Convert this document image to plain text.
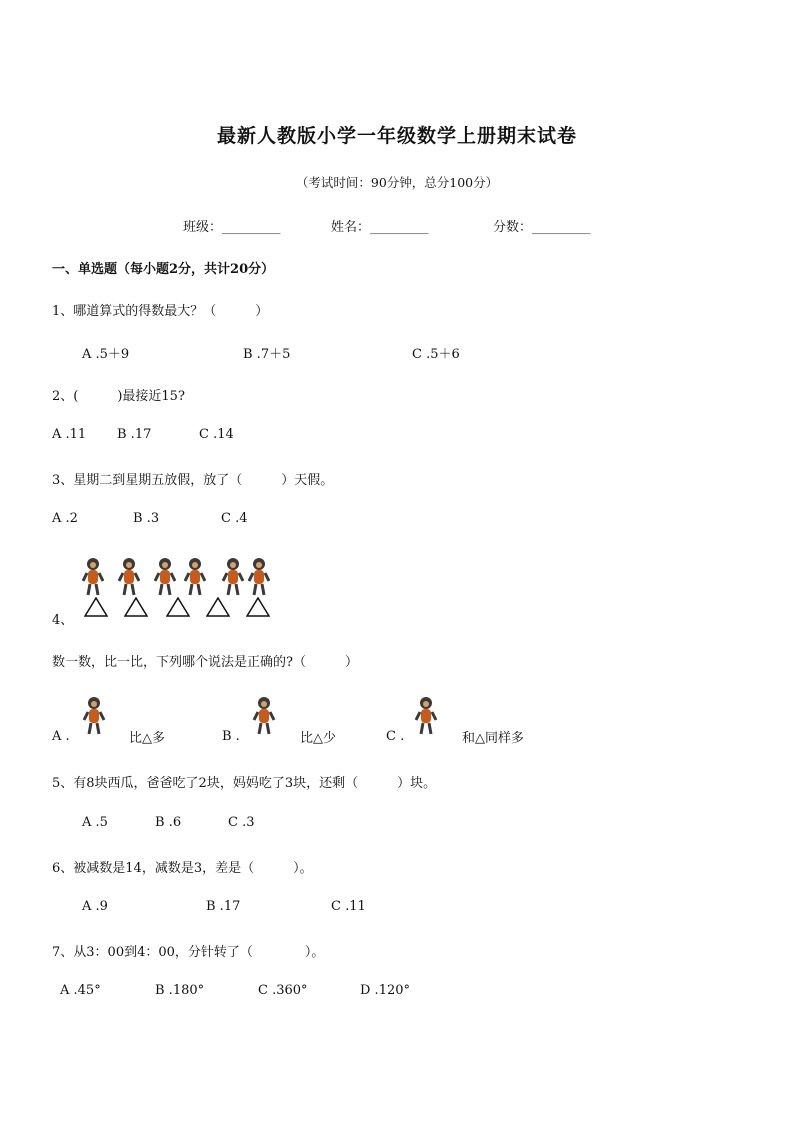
最新人教版小学一年级数学上册期末试卷
（考试时间：90分钟，总分100分）
班级：_________	姓名：_________	分数：_________
一、单选题（每小题2分，共计20分）
1、哪道算式的得数最大？（　　　）
A .5＋9	B .7＋5	C .5＋6
2、(　　　)最接近15?
A .11 B .17	C .14
3、星期二到星期五放假，放了（　　　）天假。
A .2	B .3	C .4
4、
数一数，比一比，下列哪个说法是正确的?（　　　）
A .	比△多	B .	比△少	C .	和△同样多
5、有8块西瓜，爸爸吃了2块，妈妈吃了3块，还剩（　　　）块。
A .5	B .6	C .3
6、被减数是14，减数是3，差是（　　　）。
A .9	B .17	C .11
7、从3：00到4：00，分针转了（　　　　）。
A .45°	B .180°	C .360°	D .120°
